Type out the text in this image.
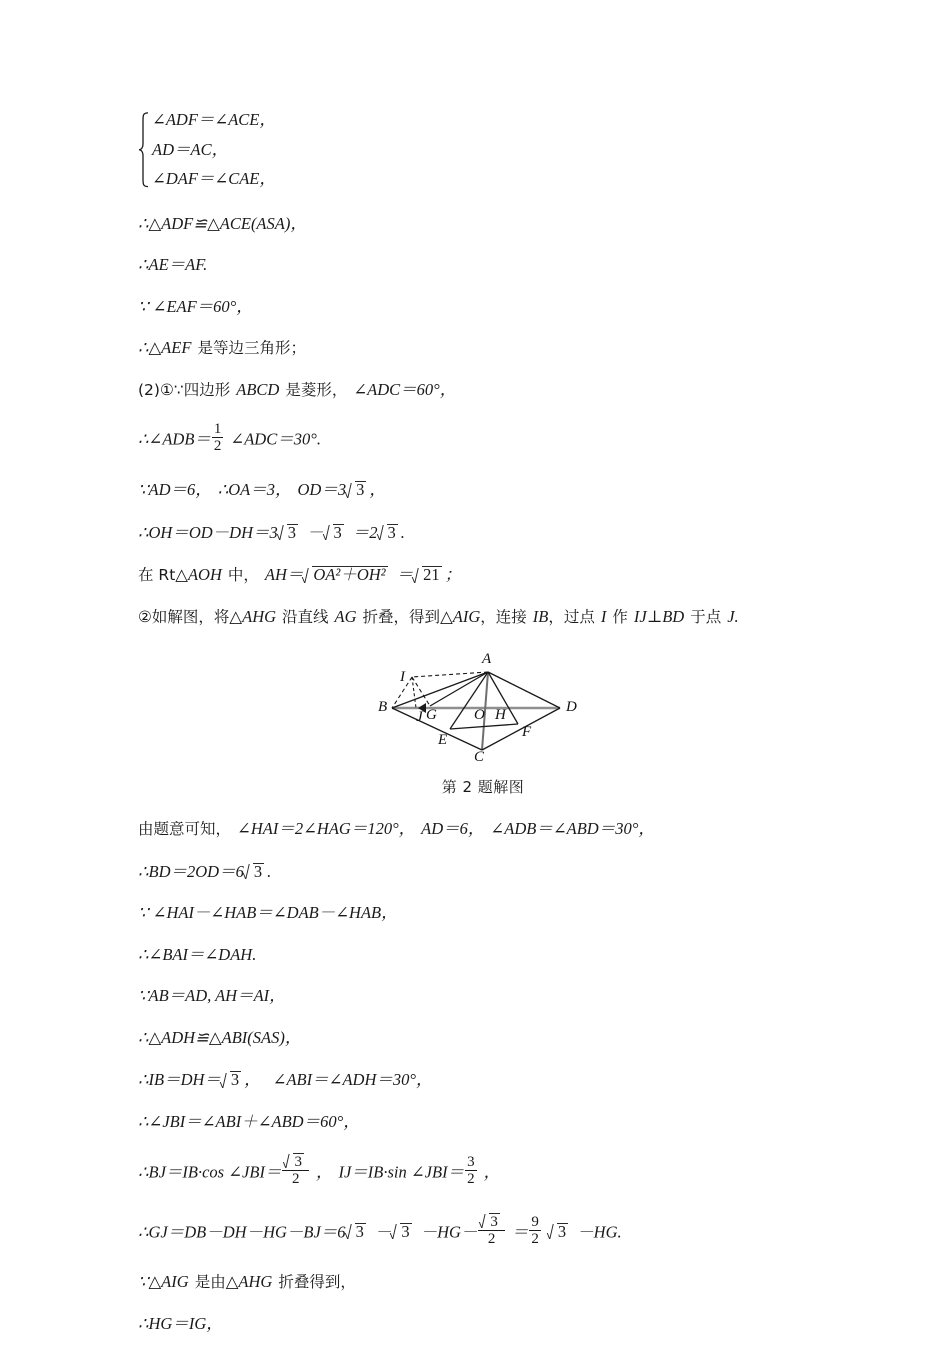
∠ADF＝∠ACE，
AD＝AC，
∠DAF＝∠CAE，
∴△ADF≌△ACE(ASA)，
∴AE＝AF.
∵ ∠EAF＝60°，
∴△AEF 是等边三角形；
(2)①∵四边形 ABCD 是菱形， ∠ADC＝60°，
∴∠ADB＝ $\frac{1}{2}$ ∠ADC＝30°.
∵AD＝6， ∴OA＝3， OD＝3 3 ，
∴OH＝OD－DH＝3 3 － 3 ＝2 3 .
在 Rt△AOH 中， AH＝ OA²＋OH² ＝ 21 ；
②如解图，将△AHG 沿直线 AG 折叠，得到△AIG，连接 IB，过点 I 作 IJ⊥BD 于点 J.
A
I
B
J G O H	D
E
C
F
第 2 题解图
由题意可知， ∠HAI＝2∠HAG＝120°， AD＝6， ∠ADB＝∠ABD＝30°，
∴BD＝2OD＝6 3 .
∵ ∠HAI－∠HAB＝∠DAB－∠HAB，
∴∠BAI＝∠DAH.
∵AB＝AD, AH＝AI，
∴△ADH≌△ABI(SAS)，
∴IB＝DH＝ 3 ， ∠ABI＝∠ADH＝30°，
∴∠JBI＝∠ABI＋∠ABD＝60°，
∴BJ＝IB·cos ∠JBI＝ $\frac{3}{2}$ ， IJ＝IB·sin ∠JBI＝ $\frac{3}{2}$ ，
∴GJ＝DB－DH－HG－BJ＝6 $3 - 3 -HG- \frac{3}{2} = \frac{9}{2} 3 -HG$.
∵△AIG 是由△AHG 折叠得到，
∴HG＝IG，
